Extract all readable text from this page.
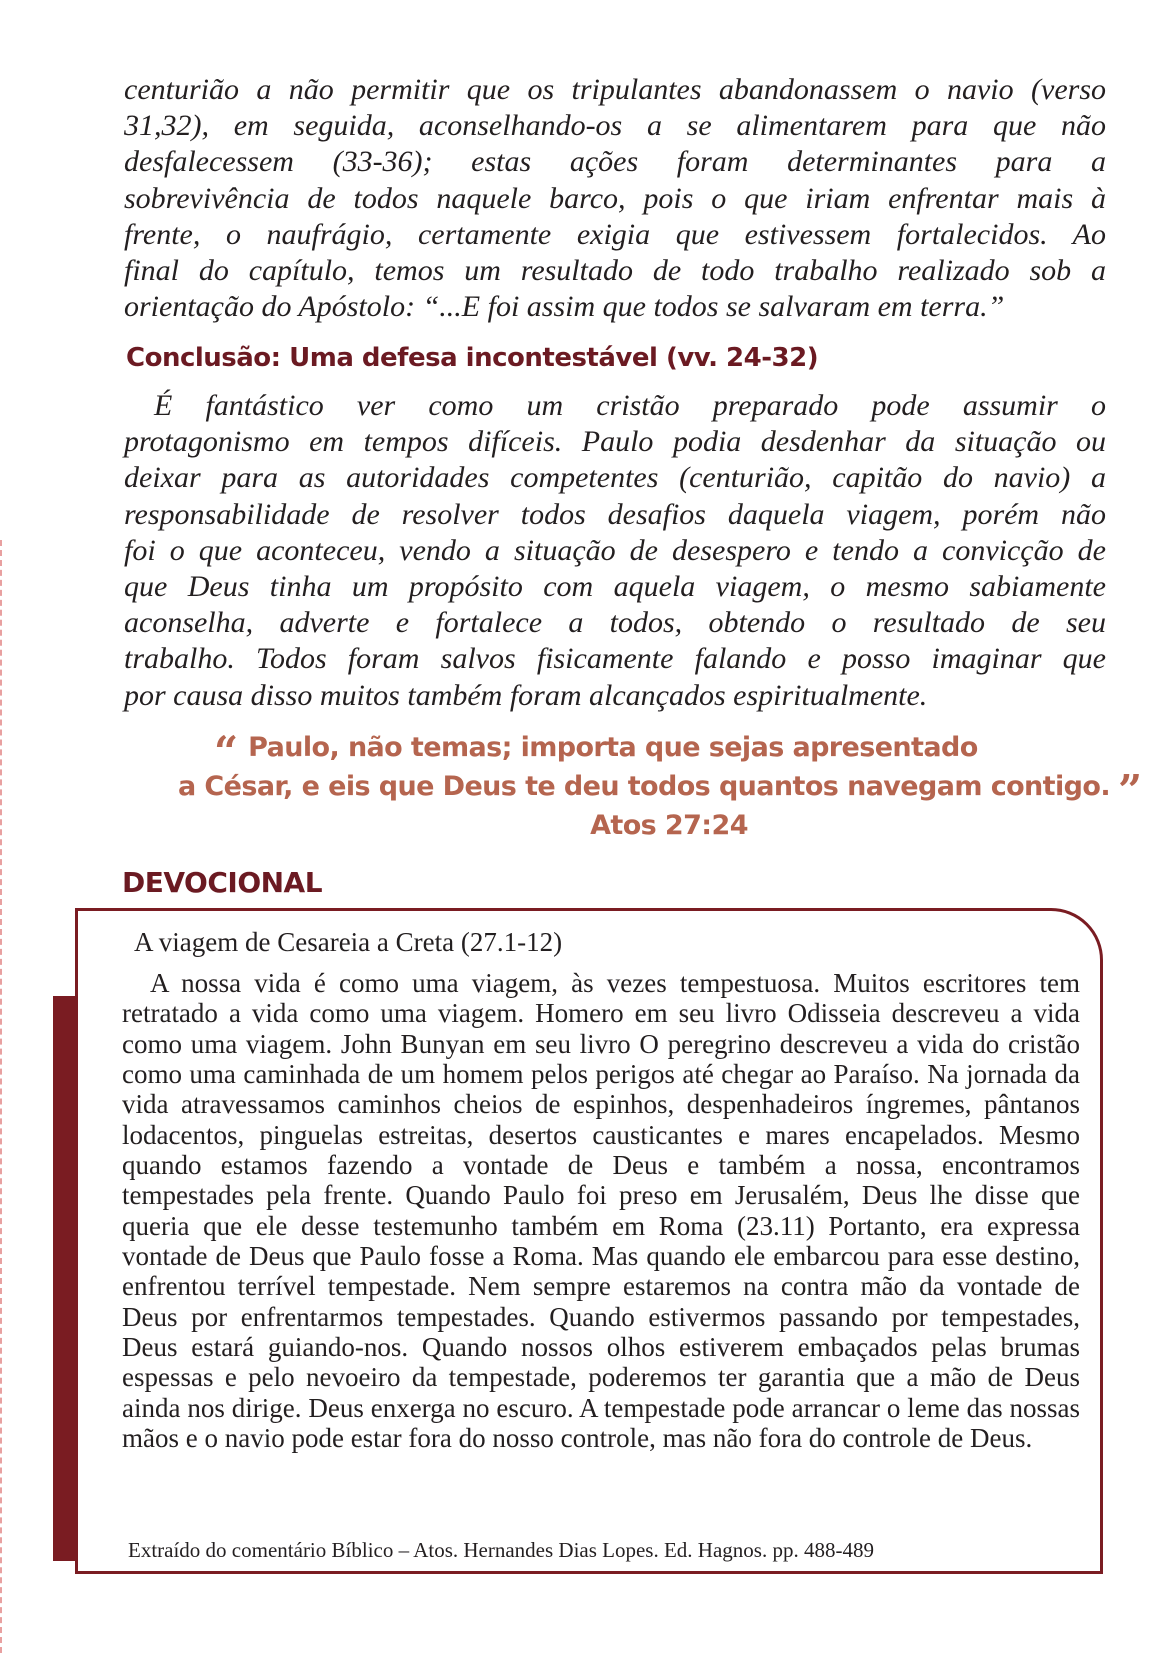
centurião a não permitir que os tripulantes abandonassem o navio (verso
31,32), em seguida, aconselhando-os a se alimentarem para que não
desfalecessem (33-36); estas ações foram determinantes para a
sobrevivência de todos naquele barco, pois o que iriam enfrentar mais à
frente, o naufrágio, certamente exigia que estivessem fortalecidos. Ao
final do capítulo, temos um resultado de todo trabalho realizado sob a
orientação do Apóstolo: “...E foi assim que todos se salvaram em terra.”

Conclusão: Uma defesa incontestável (vv. 24-32)

É fantástico ver como um cristão preparado pode assumir o
protagonismo em tempos difíceis. Paulo podia desdenhar da situação ou
deixar para as autoridades competentes (centurião, capitão do navio) a
responsabilidade de resolver todos desafios daquela viagem, porém não
foi o que aconteceu, vendo a situação de desespero e tendo a convicção de
que Deus tinha um propósito com aquela viagem, o mesmo sabiamente
aconselha, adverte e fortalece a todos, obtendo o resultado de seu
trabalho. Todos foram salvos fisicamente falando e posso imaginar que
por causa disso muitos também foram alcançados espiritualmente.

“ Paulo, não temas; importa que sejas apresentado
a César, e eis que Deus te deu todos quantos navegam contigo. ”
Atos 27:24
DEVOCIONAL

A viagem de Cesareia a Creta (27.1-12)

A nossa vida é como uma viagem, às vezes tempestuosa. Muitos escritores tem retratado a vida como uma viagem. Homero em seu livro Odisseia descreveu a vida como uma viagem. John Bunyan em seu livro O peregrino descreveu a vida do cristão como uma caminhada de um homem pelos perigos até chegar ao Paraíso. Na jornada da vida atravessamos caminhos cheios de espinhos, despenhadeiros íngremes, pântanos lodacentos, pinguelas estreitas, desertos causticantes e mares encapelados. Mesmo quando estamos fazendo a vontade de Deus e também a nossa, encontramos tempestades pela frente. Quando Paulo foi preso em Jerusalém, Deus lhe disse que queria que ele desse testemunho também em Roma (23.11) Portanto, era expressa vontade de Deus que Paulo fosse a Roma. Mas quando ele embarcou para esse destino, enfrentou terrível tempestade. Nem sempre estaremos na contra mão da vontade de Deus por enfrentarmos tempestades. Quando estivermos passando por tempestades, Deus estará guiando-nos. Quando nossos olhos estiverem embaçados pelas brumas espessas e pelo nevoeiro da tempestade, poderemos ter garantia que a mão de Deus ainda nos dirige. Deus enxerga no escuro. A tempestade pode arrancar o leme das nossas mãos e o navio pode estar fora do nosso controle, mas não fora do controle de Deus.

Extraído do comentário Bíblico – Atos. Hernandes Dias Lopes. Ed. Hagnos. pp. 488-489
